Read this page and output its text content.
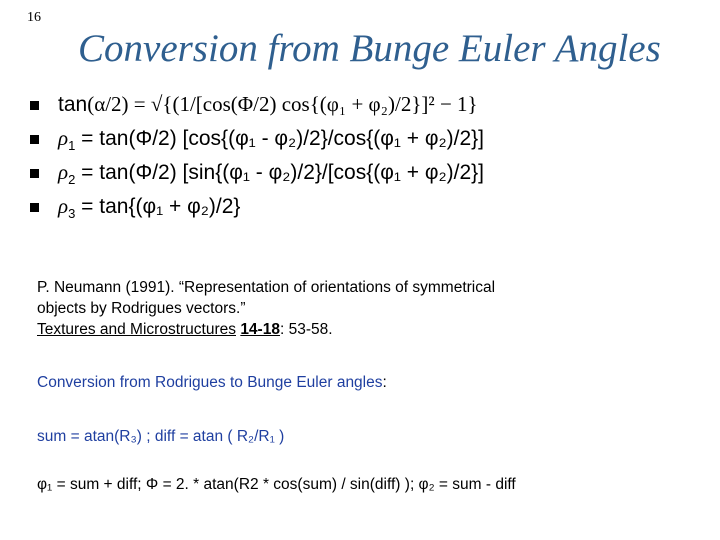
16
Conversion from Bunge Euler Angles
tan(α/2) = √{(1/[cos(Φ/2) cos{(φ₁ + φ₂)/2}]² − 1}
$\rho_1 = \tan(\Phi/2)$ [cos{(φ₁ - φ₂)/2}/cos{(φ₁ + φ₂)/2}]
$\rho_2 = \tan(\Phi/2)$ [sin{(φ₁ - φ₂)/2}/[cos{(φ₁ + φ₂)/2}]
$\rho_3 = \tan\{(\varphi_1 + \varphi_2)/2\}$
P. Neumann (1991). “Representation of orientations of symmetrical
objects by Rodrigues vectors.”
Textures and Microstructures 14-18: 53-58.
Conversion from Rodrigues to Bunge Euler angles:
sum = atan(R₃) ; diff = atan ( R₂/R₁ )
φ₁ = sum + diff; Φ = 2. * atan(R2 * cos(sum) / sin(diff) ); φ₂ = sum - diff
